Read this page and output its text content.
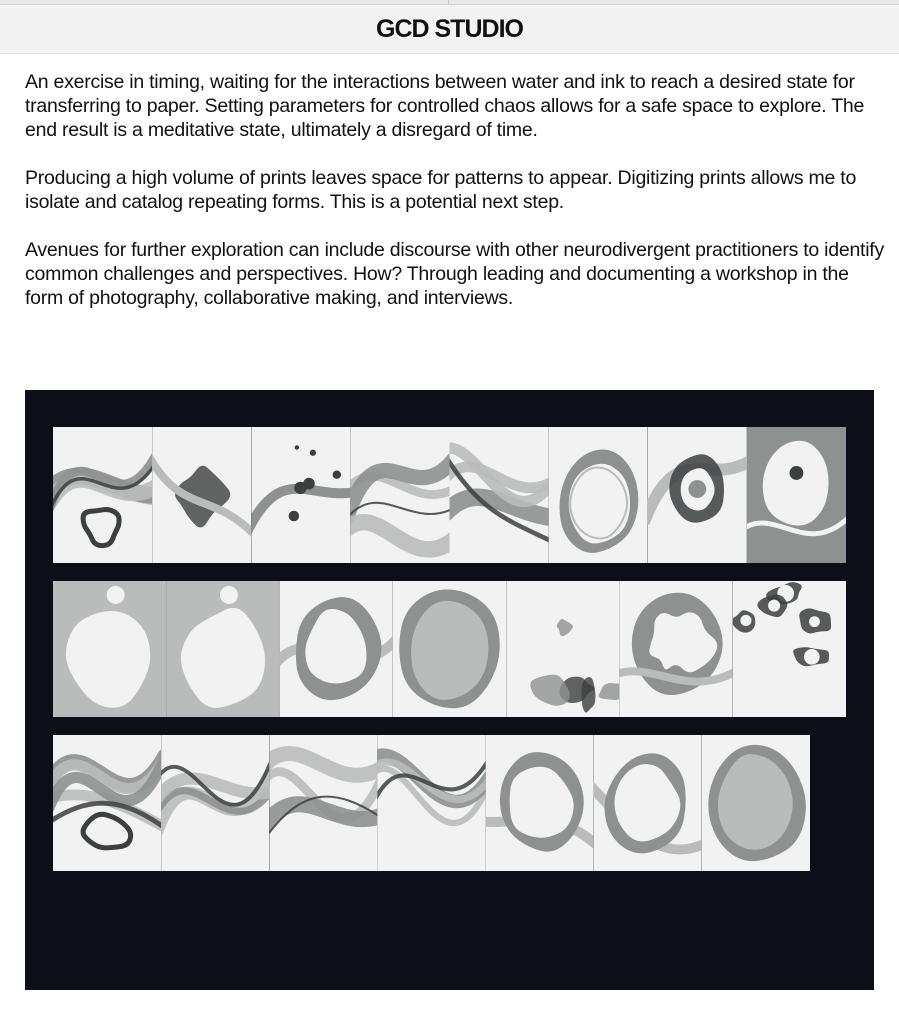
GCD STUDIO

An exercise in timing, waiting for the interactions between water and ink to reach a desired state for transferring to paper. Setting parameters for controlled chaos allows for a safe space to explore. The end result is a meditative state, ultimately a disregard of time.

Producing a high volume of prints leaves space for patterns to appear. Digitizing prints allows me to isolate and catalog repeating forms. This is a potential next step.

Avenues for further exploration can include discourse with other neurodivergent practitioners to identify common challenges and perspectives. How? Through leading and documenting a workshop in the form of photography, collaborative making, and interviews.
